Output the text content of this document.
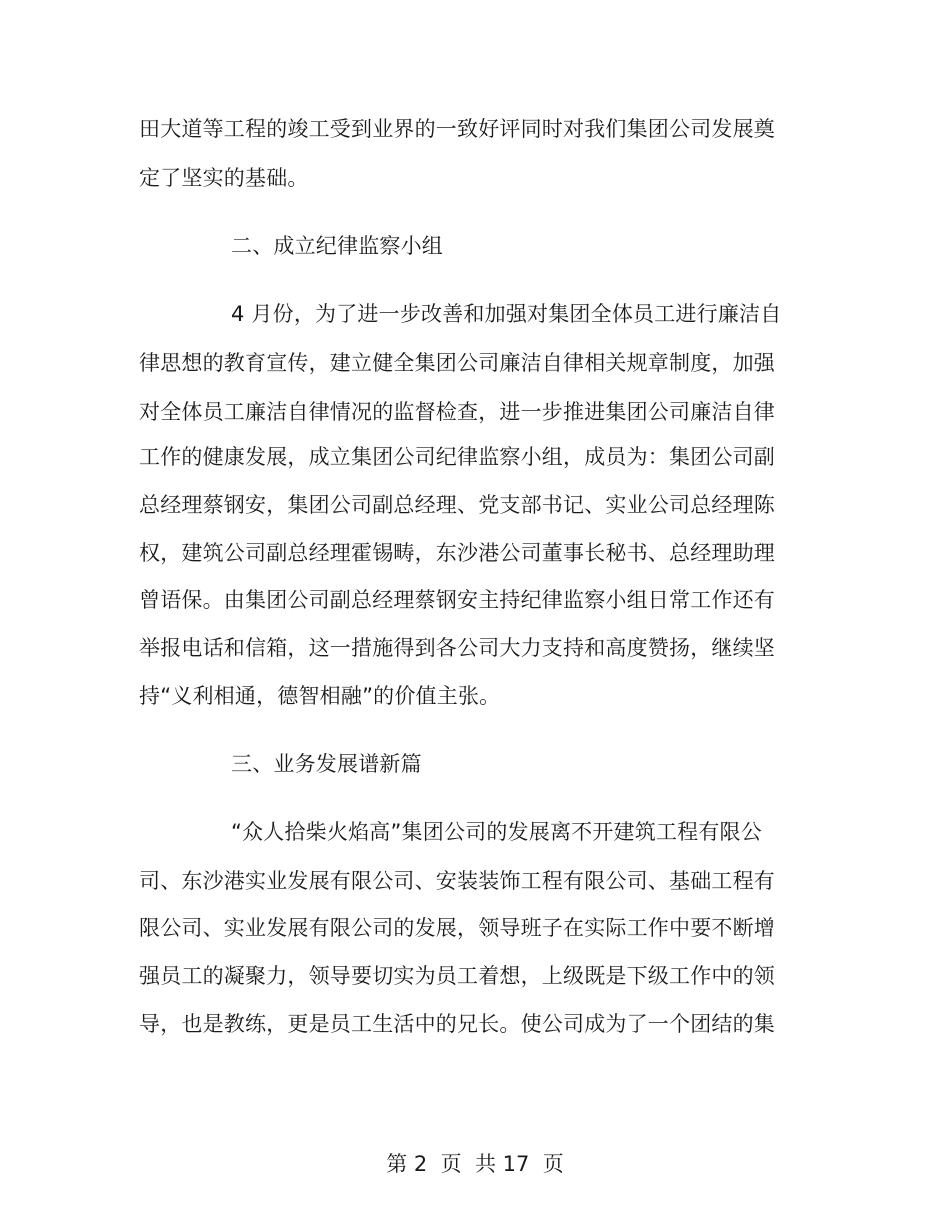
田大道等工程的竣工受到业界的一致好评同时对我们集团公司发展奠
定了坚实的基础。
二、成立纪律监察小组
4 月份，为了进一步改善和加强对集团全体员工进行廉洁自
律思想的教育宣传，建立健全集团公司廉洁自律相关规章制度，加强
对全体员工廉洁自律情况的监督检查，进一步推进集团公司廉洁自律
工作的健康发展，成立集团公司纪律监察小组，成员为：集团公司副
总经理蔡钢安，集团公司副总经理、党支部书记、实业公司总经理陈
权，建筑公司副总经理霍锡畴，东沙港公司董事长秘书、总经理助理
曾语保。由集团公司副总经理蔡钢安主持纪律监察小组日常工作还有
举报电话和信箱，这一措施得到各公司大力支持和高度赞扬，继续坚
持“义利相通，德智相融”的价值主张。
三、业务发展谱新篇
“众人拾柴火焰高”集团公司的发展离不开建筑工程有限公
司、东沙港实业发展有限公司、安装装饰工程有限公司、基础工程有
限公司、实业发展有限公司的发展，领导班子在实际工作中要不断增
强员工的凝聚力，领导要切实为员工着想，上级既是下级工作中的领
导，也是教练，更是员工生活中的兄长。使公司成为了一个团结的集
第 2  页  共 17  页
